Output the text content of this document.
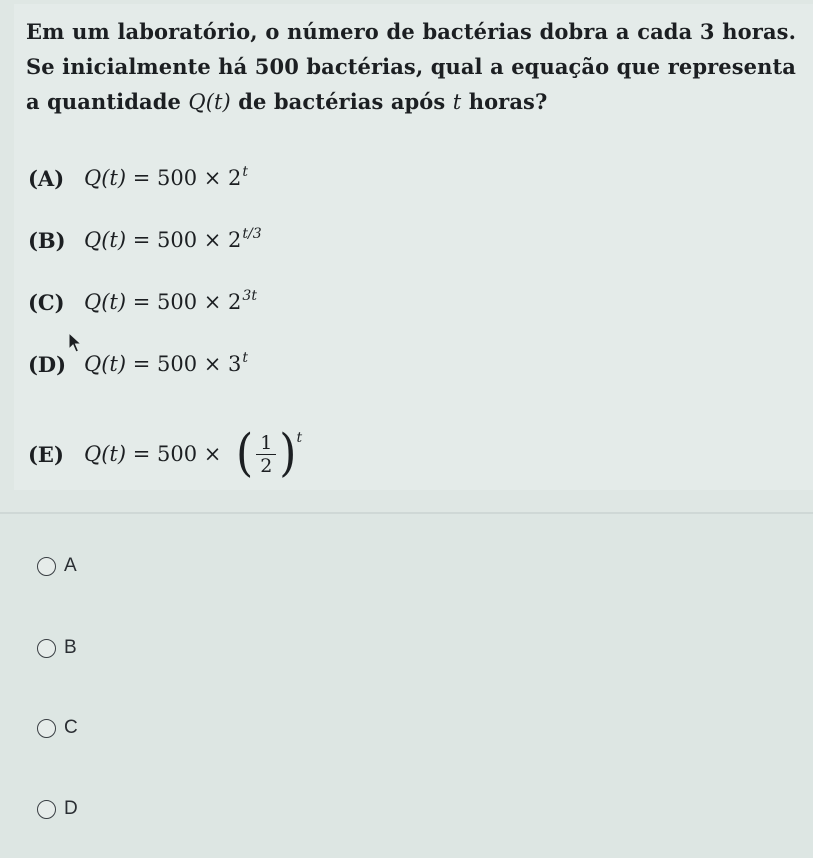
Em um laboratório, o número de bactérias dobra a cada 3 horas. Se inicialmente há 500 bactérias, qual a equação que representa a quantidade Q(t) de bactérias após t horas?
(A) $Q(t) = 500 \times 2^t$
(B) $Q(t) = 500 \times 2^{t/3}$
(C) $Q(t) = 500 \times 2^{3t}$
(D) $Q(t) = 500 \times 3^t$
(E) Q(t) = 500 × ( $\frac{1}{2}$ ) t
A
B
C
D
